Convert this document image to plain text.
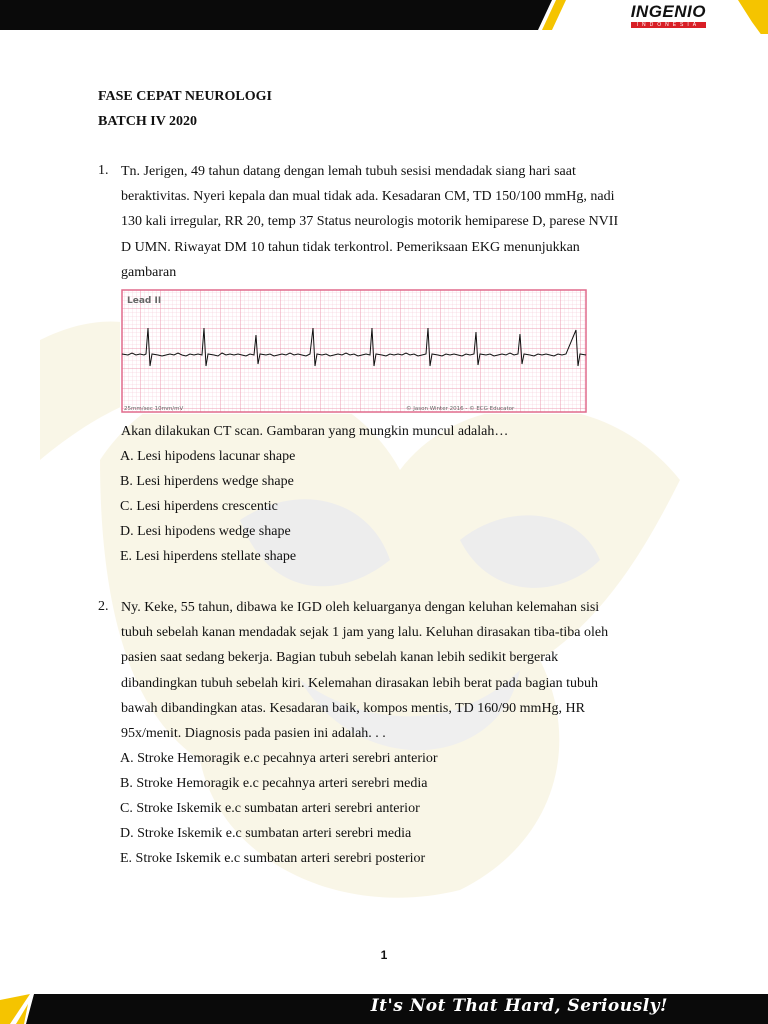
INGENIO
INDONESIA
FASE CEPAT NEUROLOGI
BATCH IV 2020
1. Tn. Jerigen, 49 tahun datang dengan lemah tubuh sesisi mendadak siang hari saat
beraktivitas. Nyeri kepala dan mual tidak ada. Kesadaran CM, TD 150/100 mmHg, nadi
130 kali irregular, RR 20, temp 37 Status neurologis motorik hemiparese D, parese NVII
D UMN. Riwayat DM 10 tahun tidak terkontrol. Pemeriksaan EKG menunjukkan
gambaran
Lead II
25mm/sec 10mm/mV	© Jason Winter 2016 - © ECG Educator
Akan dilakukan CT scan. Gambaran yang mungkin muncul adalah…
A. Lesi hipodens lacunar shape
B. Lesi hiperdens wedge shape
C. Lesi hiperdens crescentic
D. Lesi hipodens wedge shape
E. Lesi hiperdens stellate shape
2. Ny. Keke, 55 tahun, dibawa ke IGD oleh keluarganya dengan keluhan kelemahan sisi
tubuh sebelah kanan mendadak sejak 1 jam yang lalu. Keluhan dirasakan tiba-tiba oleh
pasien saat sedang bekerja. Bagian tubuh sebelah kanan lebih sedikit bergerak
dibandingkan tubuh sebelah kiri. Kelemahan dirasakan lebih berat pada bagian tubuh
bawah dibandingkan atas. Kesadaran baik, kompos mentis, TD 160/90 mmHg, HR
95x/menit. Diagnosis pada pasien ini adalah. . .
A. Stroke Hemoragik e.c pecahnya arteri serebri anterior
B. Stroke Hemoragik e.c pecahnya arteri serebri media
C. Stroke Iskemik e.c sumbatan arteri serebri anterior
D. Stroke Iskemik e.c sumbatan arteri serebri media
E. Stroke Iskemik e.c sumbatan arteri serebri posterior
1
It's Not That Hard, Seriously!
